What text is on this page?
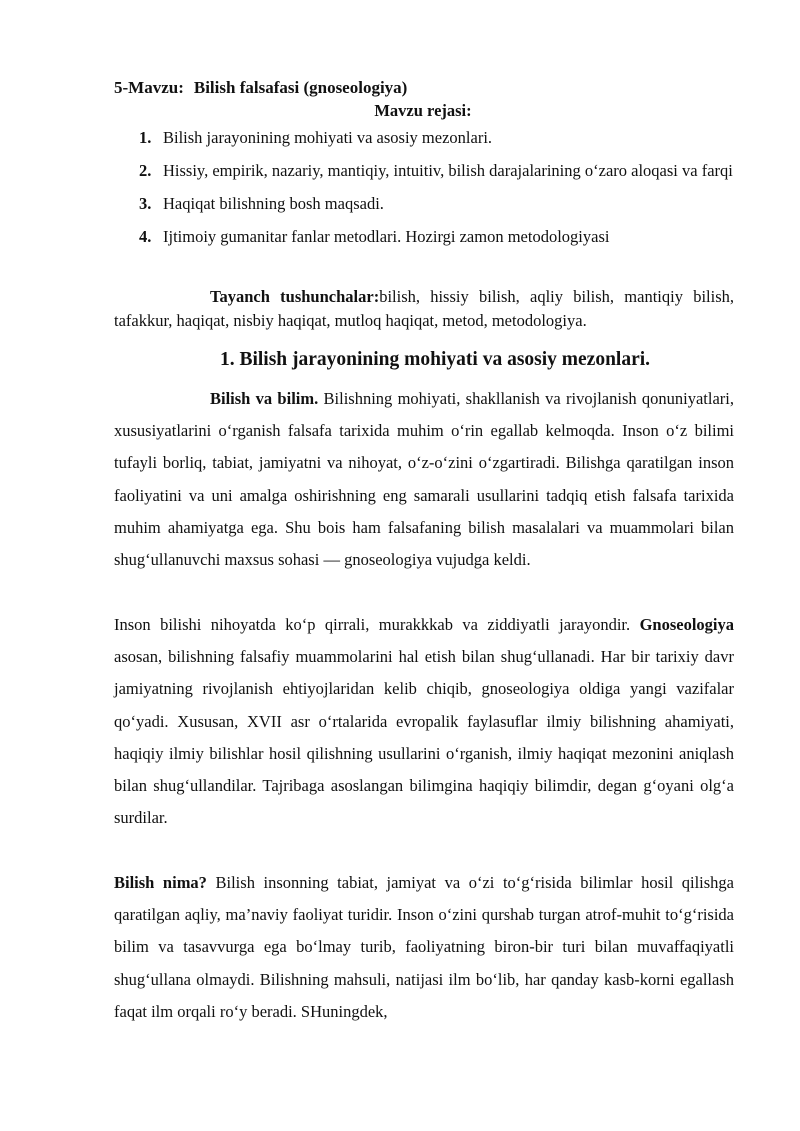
5-Mavzu: Bilish falsafasi (gnoseologiya)
Mavzu rejasi:
1. Bilish jarayonining mohiyati va asosiy mezonlari.
2. Hissiy, empirik, nazariy, mantiqiy, intuitiv, bilish darajalarining o‘zaro aloqasi va farqi
3. Haqiqat bilishning bosh maqsadi.
4. Ijtimoiy gumanitar fanlar metodlari. Hozirgi zamon metodologiyasi

Tayanch tushunchalar:bilish, hissiy bilish, aqliy bilish, mantiqiy bilish, tafakkur, haqiqat, nisbiy haqiqat, mutloq haqiqat, metod, metodologiya.

1. Bilish jarayonining mohiyati va asosiy mezonlari.

Bilish va bilim. Bilishning mohiyati, shakllanish va rivojlanish qonuniyatlari, xususiyatlarini o‘rganish falsafa tarixida muhim o‘rin egallab kelmoqda. Inson o‘z bilimi tufayli borliq, tabiat, jamiyatni va nihoyat, o‘z-o‘zini o‘zgartiradi. Bilishga qaratilgan inson faoliyatini va uni amalga oshirishning eng samarali usullarini tadqiq etish falsafa tarixida muhim ahamiyatga ega. Shu bois ham falsafaning bilish masalalari va muammolari bilan shug‘ullanuvchi maxsus sohasi — gnoseologiya vujudga keldi.

Inson bilishi nihoyatda ko‘p qirrali, murakkkab va ziddiyatli jarayondir. Gnoseologiya asosan, bilishning falsafiy muammolarini hal etish bilan shug‘ullanadi. Har bir tarixiy davr jamiyatning rivojlanish ehtiyojlaridan kelib chiqib, gnoseologiya oldiga yangi vazifalar qo‘yadi. Xususan, XVII asr o‘rtalarida evropalik faylasuflar ilmiy bilishning ahamiyati, haqiqiy ilmiy bilishlar hosil qilishning usullarini o‘rganish, ilmiy haqiqat mezonini aniqlash bilan shug‘ullandilar. Tajribaga asoslangan bilimgina haqiqiy bilimdir, degan g‘oyani olg‘a surdilar.

Bilish nima? Bilish insonning tabiat, jamiyat va o‘zi to‘g‘risida bilimlar hosil qilishga qaratilgan aqliy, ma’naviy faoliyat turidir. Inson o‘zini qurshab turgan atrof-muhit to‘g‘risida bilim va tasavvurga ega bo‘lmay turib, faoliyatning biron-bir turi bilan muvaffaqiyatli shug‘ullana olmaydi. Bilishning mahsuli, natijasi ilm bo‘lib, har qanday kasb-korni egallash faqat ilm orqali ro‘y beradi. SHuningdek,
